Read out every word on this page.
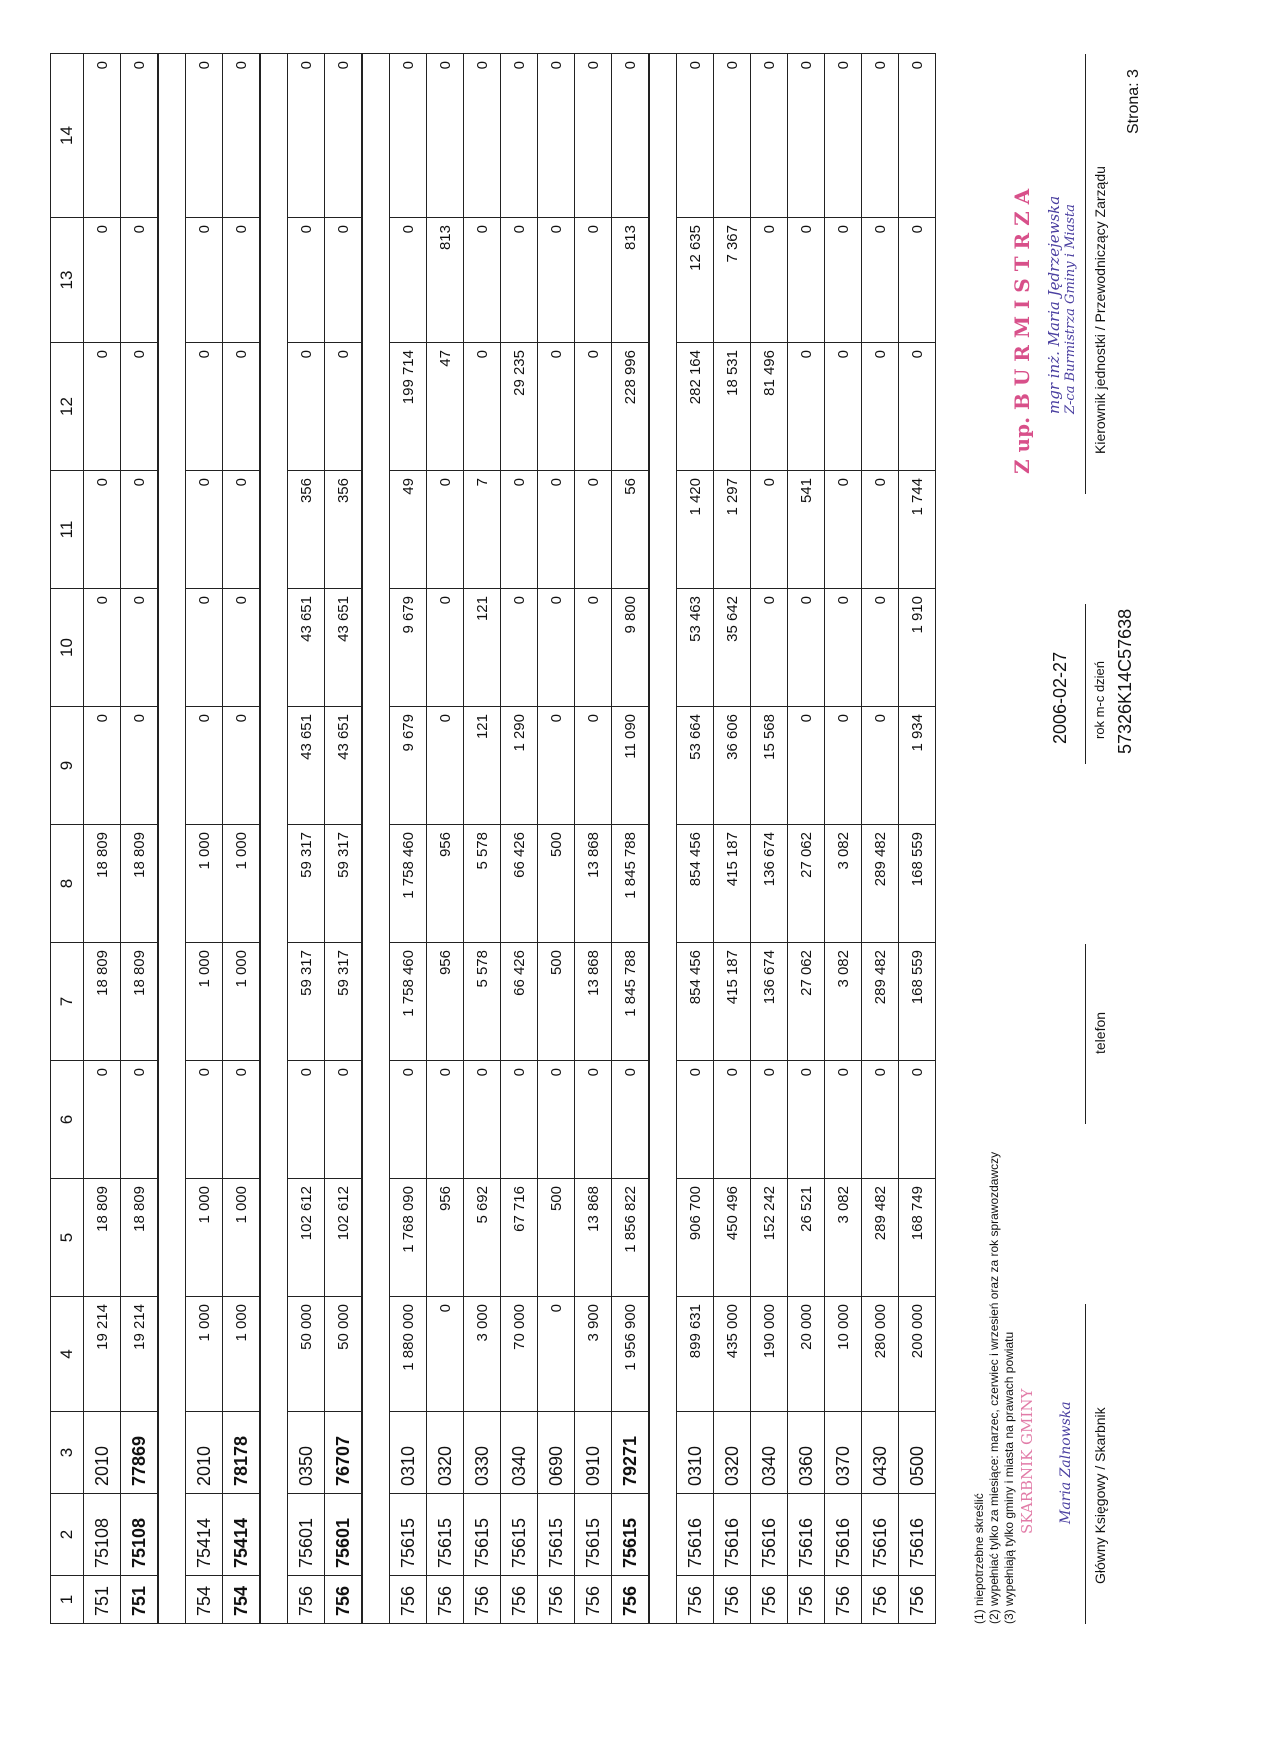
1	2	3	4	5	6	7	8	9	10	11	12	13	14
751	75108	2010	19 214	18 809	0	18 809	18 809	0	0	0	0	0	0
751	75108	77869	19 214	18 809	0	18 809	18 809	0	0	0	0	0	0

754	75414	2010	1 000	1 000	0	1 000	1 000	0	0	0	0	0	0
754	75414	78178	1 000	1 000	0	1 000	1 000	0	0	0	0	0	0

756	75601	0350	50 000	102 612	0	59 317	59 317	43 651	43 651	356	0	0	0
756	75601	76707	50 000	102 612	0	59 317	59 317	43 651	43 651	356	0	0	0

756	75615	0310	1 880 000	1 768 090	0	1 758 460	1 758 460	9 679	9 679	49	199 714	0	0
756	75615	0320	0	956	0	956	956	0	0	0	47	813	0
756	75615	0330	3 000	5 692	0	5 578	5 578	121	121	7	0	0	0
756	75615	0340	70 000	67 716	0	66 426	66 426	1 290	0	0	29 235	0	0
756	75615	0690	0	500	0	500	500	0	0	0	0	0	0
756	75615	0910	3 900	13 868	0	13 868	13 868	0	0	0	0	0	0
756	75615	79271	1 956 900	1 856 822	0	1 845 788	1 845 788	11 090	9 800	56	228 996	813	0

756	75616	0310	899 631	906 700	0	854 456	854 456	53 664	53 463	1 420	282 164	12 635	0
756	75616	0320	435 000	450 496	0	415 187	415 187	36 606	35 642	1 297	18 531	7 367	0
756	75616	0340	190 000	152 242	0	136 674	136 674	15 568	0	0	81 496	0	0
756	75616	0360	20 000	26 521	0	27 062	27 062	0	0	541	0	0	0
756	75616	0370	10 000	3 082	0	3 082	3 082	0	0	0	0	0	0
756	75616	0430	280 000	289 482	0	289 482	289 482	0	0	0	0	0	0
756	75616	0500	200 000	168 749	0	168 559	168 559	1 934	1 910	1 744	0	0	0
(1) niepotrzebne skreślić (2) wypełniać tylko za miesiące: marzec, czerwiec i wrzesień oraz za rok sprawozdawczy (3) wypełniają tylko gminy i miasta na prawach powiatu SKARBNIK GMINY Maria Zalnowska Główny Księgowy / Skarbnik
telefon
2006-02-27 rok m-c dzień 57326K14C57638
Z up. B U R M I S T R Z A mgr inż. Maria Jędrzejewska Z-ca Burmistrza Gminy i Miasta Kierownik jednostki / Przewodniczący Zarządu
Strona: 3
